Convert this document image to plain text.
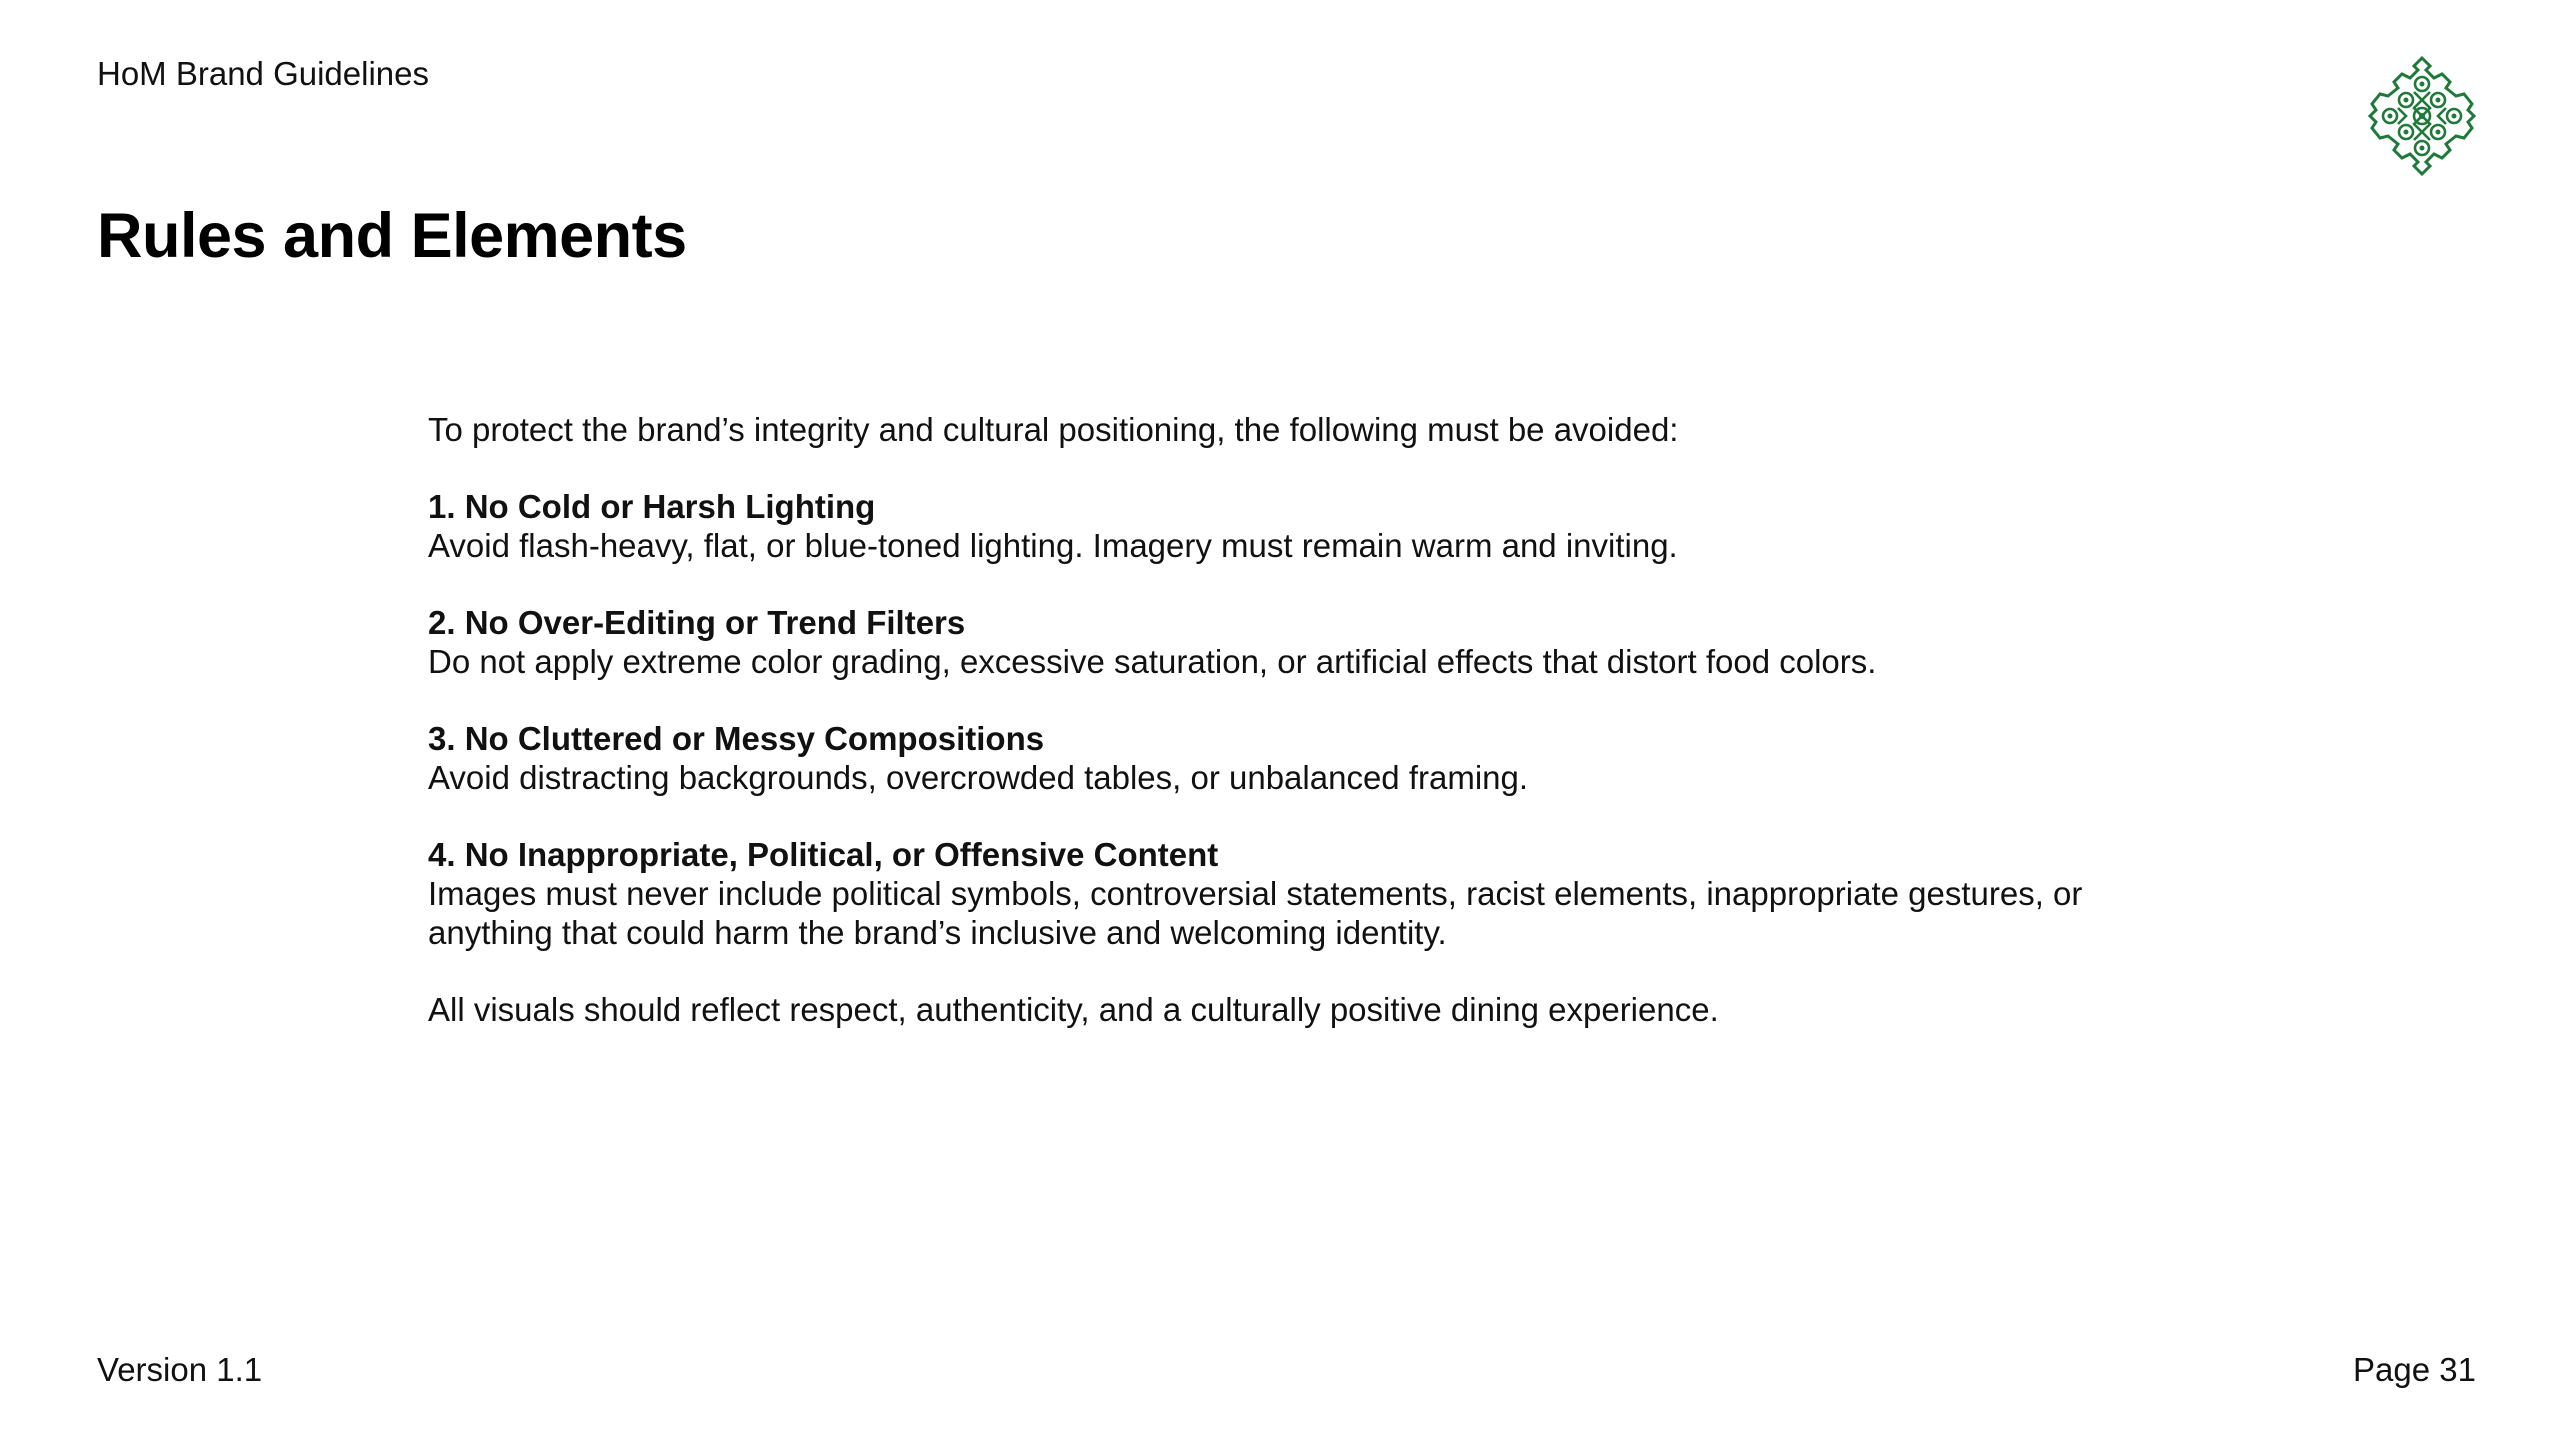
HoM Brand Guidelines
Rules and Elements

To protect the brand’s integrity and cultural positioning, the following must be avoided:

1. No Cold or Harsh Lighting
Avoid flash-heavy, flat, or blue-toned lighting. Imagery must remain warm and inviting.
2. No Over-Editing or Trend Filters
Do not apply extreme color grading, excessive saturation, or artificial effects that distort food colors.
3. No Cluttered or Messy Compositions
Avoid distracting backgrounds, overcrowded tables, or unbalanced framing.
4. No Inappropriate, Political, or Offensive Content
Images must never include political symbols, controversial statements, racist elements, inappropriate gestures, or anything that could harm the brand’s inclusive and welcoming identity.

All visuals should reflect respect, authenticity, and a culturally positive dining experience.

Version 1.1	Page 31
